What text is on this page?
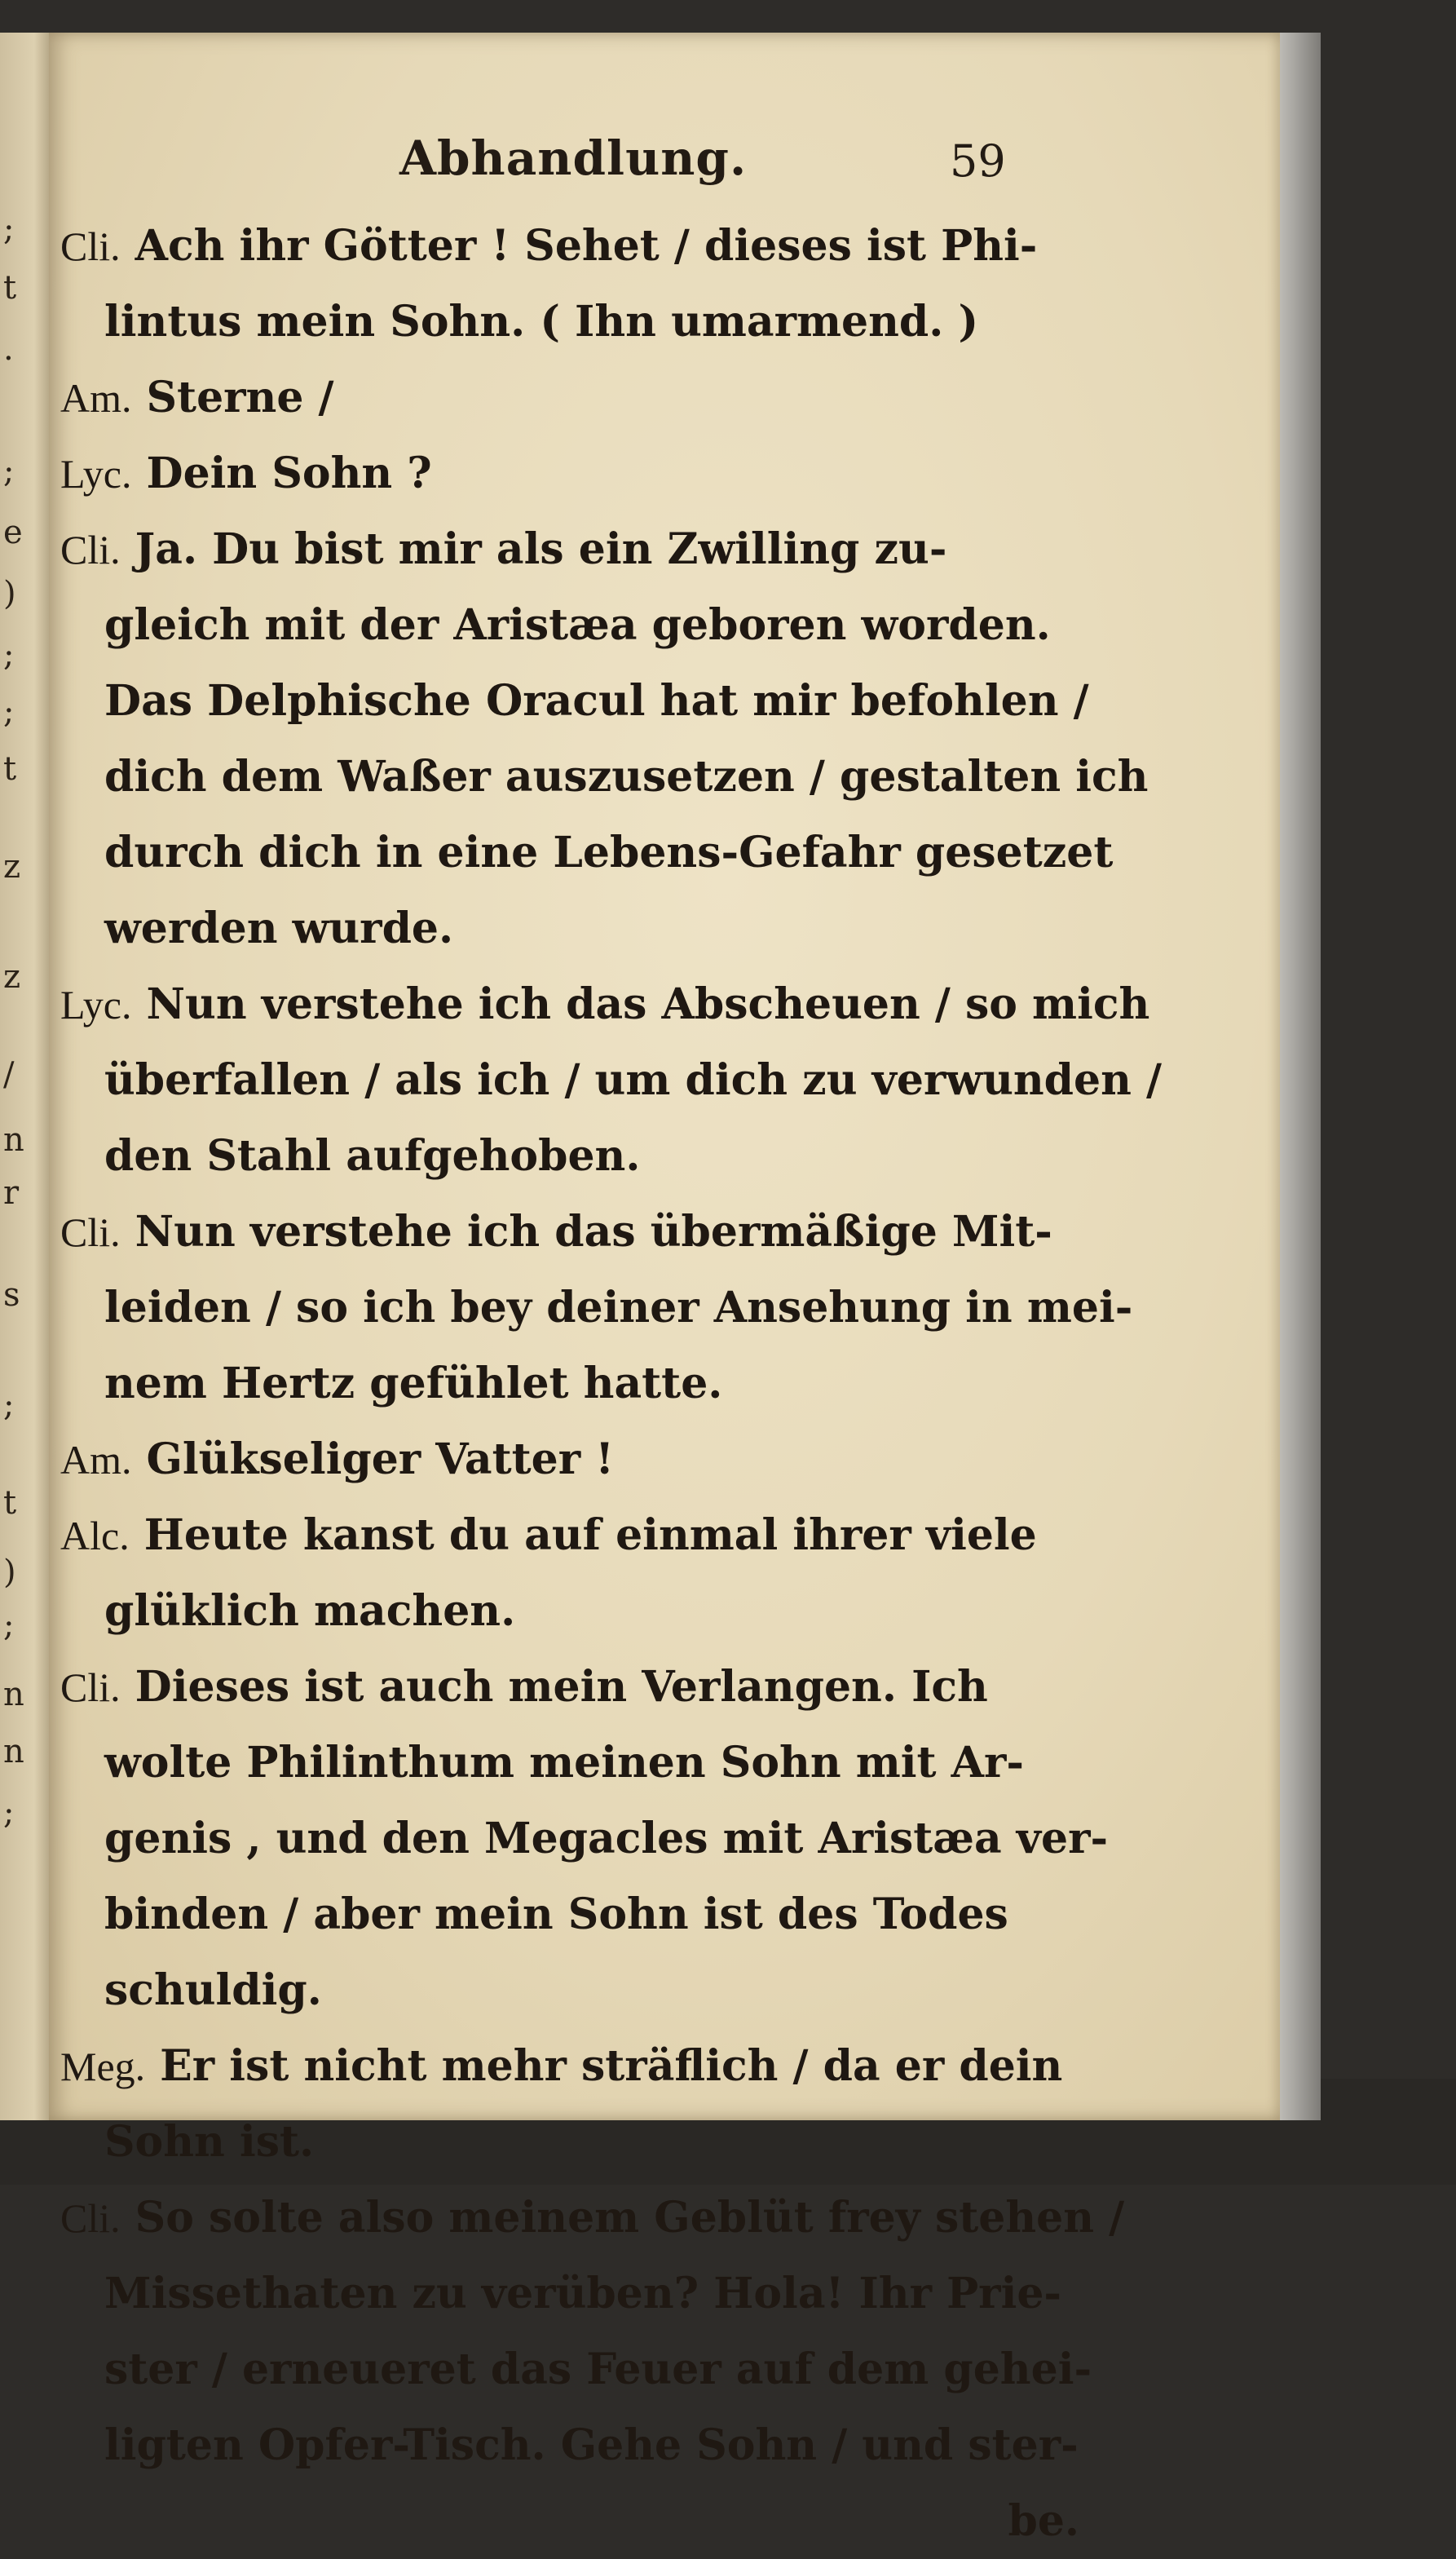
;
t
.
;
e
)
;
;
t
z
z
/
n
r
s
;
t
)
;
n
n
;
Abhandlung.	59
Cli. Ach ihr Götter ! Sehet / dieses ist Phi-
lintus mein Sohn. ( Ihn umarmend. )
Am. Sterne /
Lyc. Dein Sohn ?
Cli. Ja. Du bist mir als ein Zwilling zu-
gleich mit der Aristæa geboren worden.
Das Delphische Oracul hat mir befohlen /
dich dem Waßer auszusetzen / gestalten ich
durch dich in eine Lebens-Gefahr gesetzet
werden wurde.
Lyc. Nun verstehe ich das Abscheuen / so mich
überfallen / als ich / um dich zu verwunden /
den Stahl aufgehoben.
Cli. Nun verstehe ich das übermäßige Mit-
leiden / so ich bey deiner Ansehung in mei-
nem Hertz gefühlet hatte.
Am. Glükseliger Vatter !
Alc. Heute kanst du auf einmal ihrer viele
glüklich machen.
Cli. Dieses ist auch mein Verlangen. Ich
wolte Philinthum meinen Sohn mit Ar-
genis , und den Megacles mit Aristæa ver-
binden / aber mein Sohn ist des Todes
schuldig.
Meg. Er ist nicht mehr sträflich / da er dein
Sohn ist.
Cli. So solte also meinem Geblüt frey stehen /
Missethaten zu verüben? Hola! Ihr Prie-
ster / erneueret das Feuer auf dem gehei-
ligten Opfer-Tisch. Gehe Sohn / und ster-
be.
